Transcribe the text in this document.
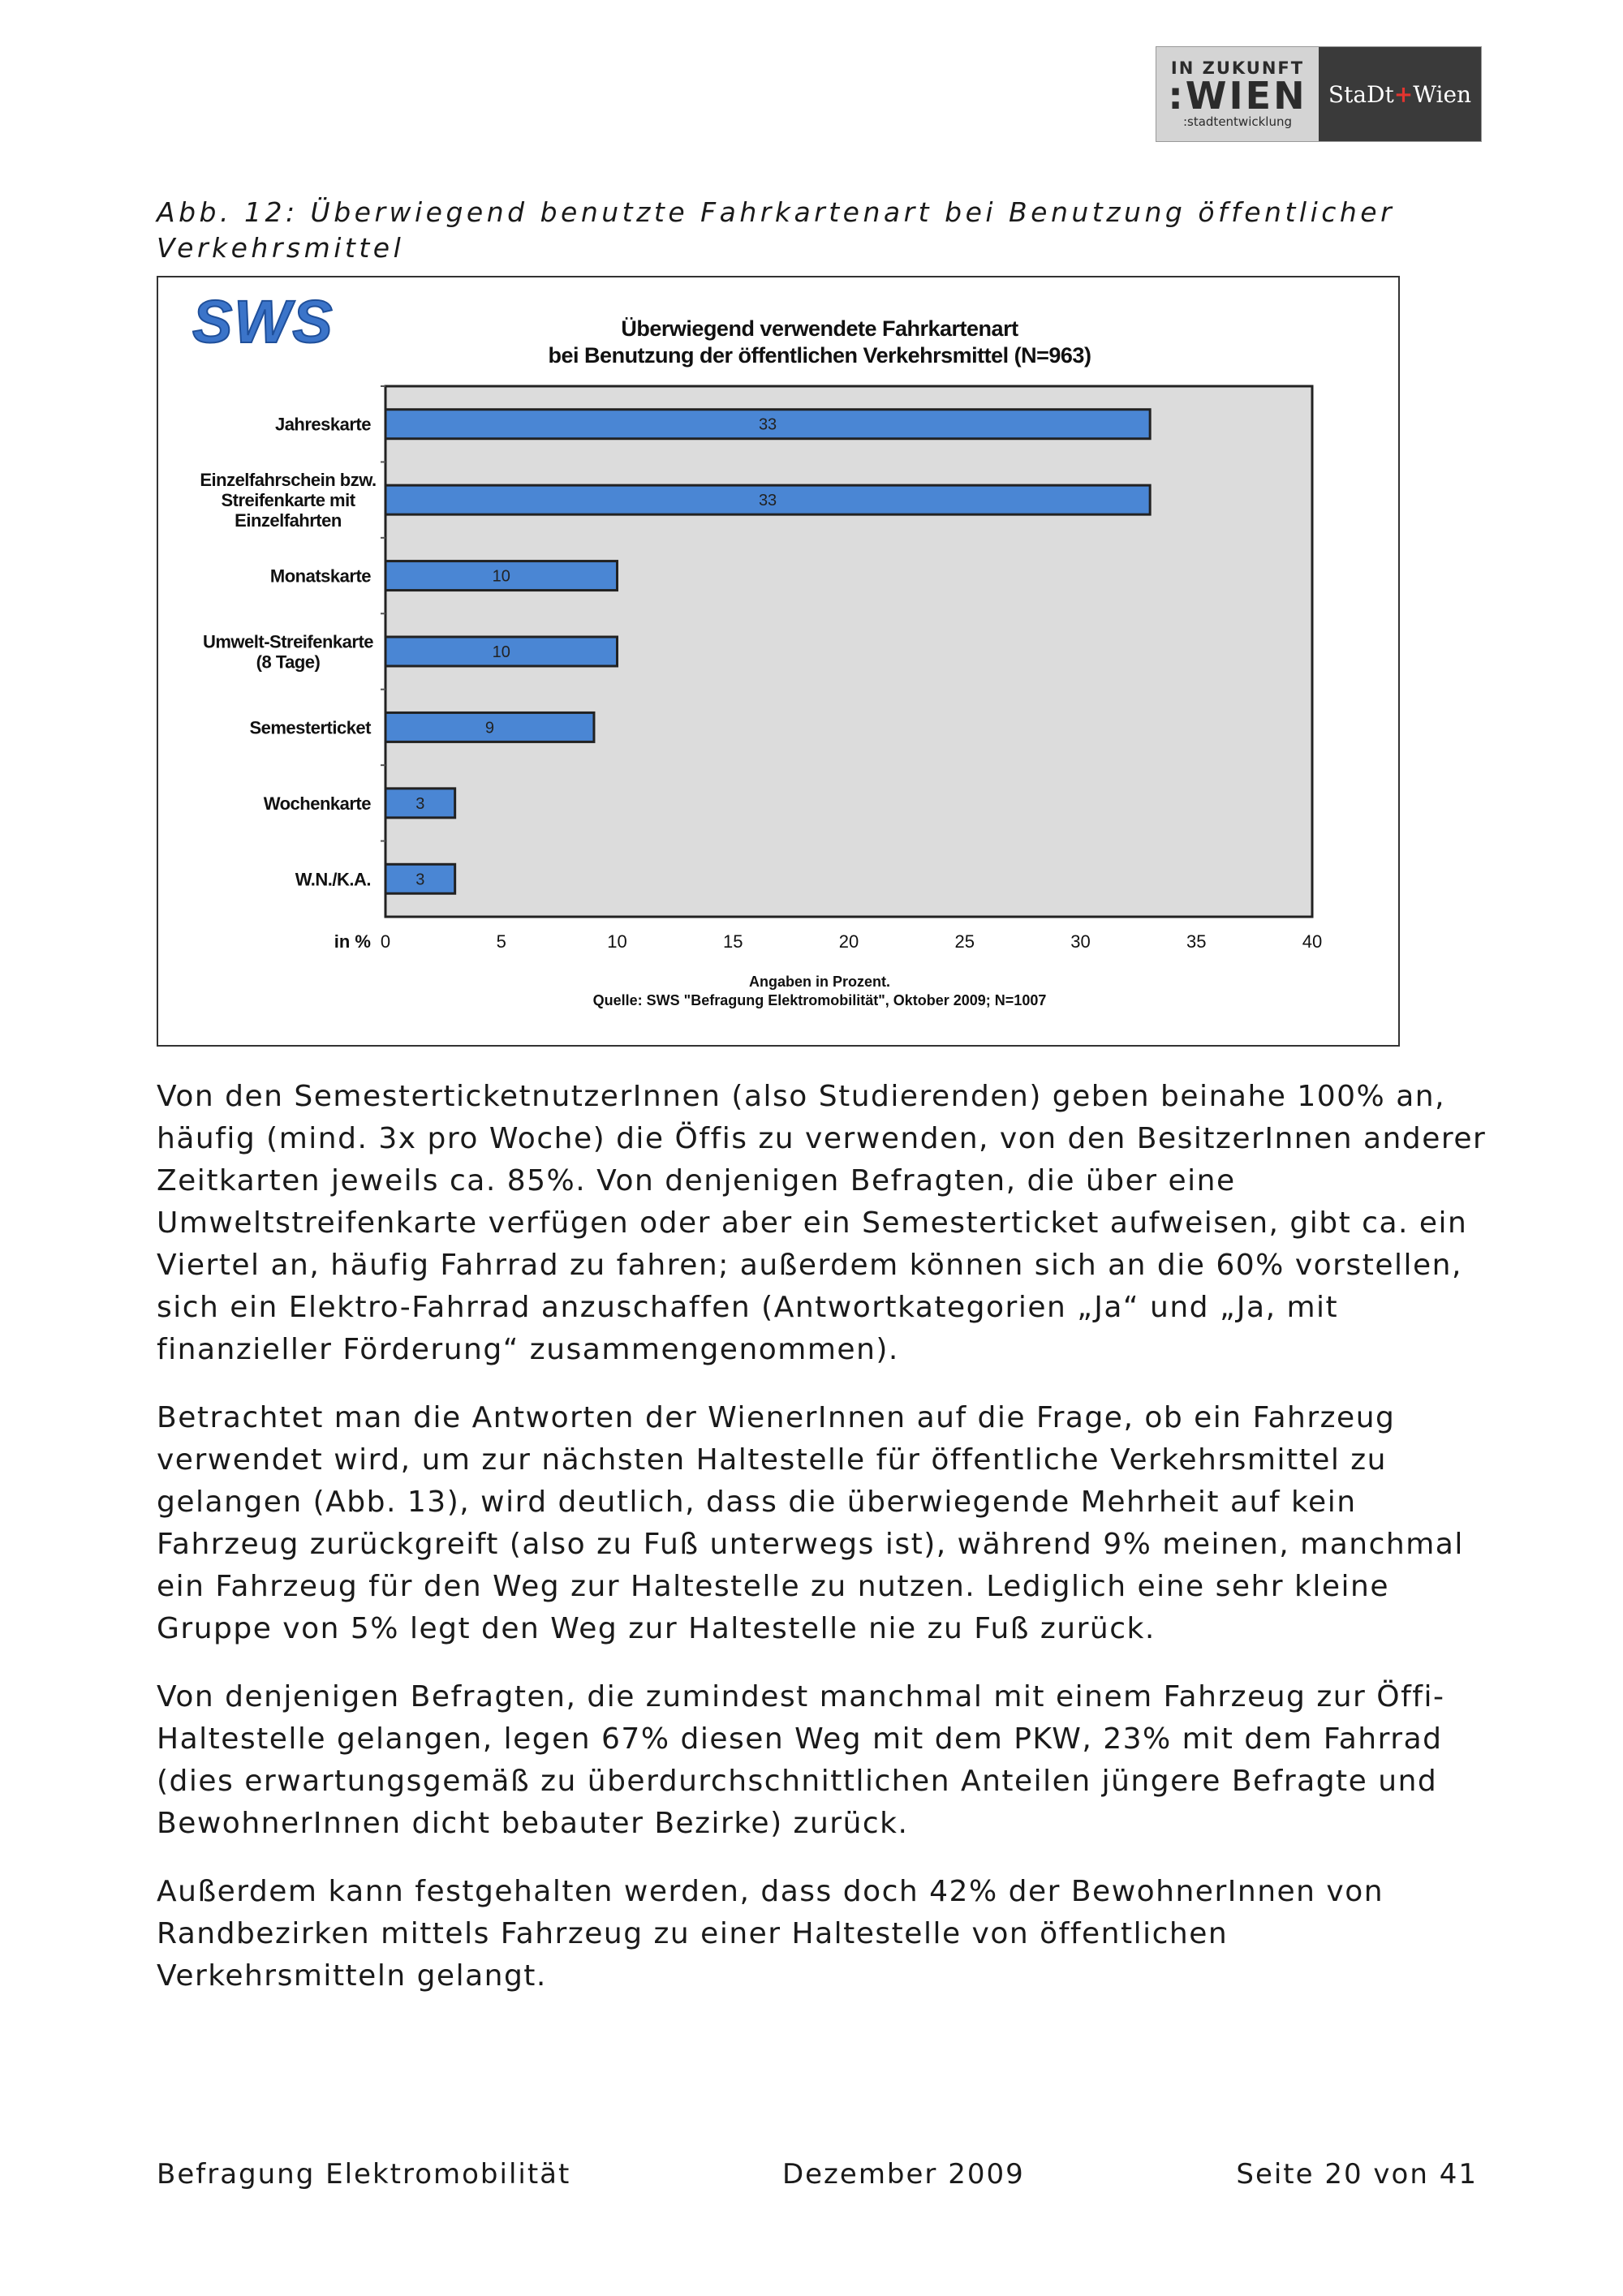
IN ZUKUNFT
:WIEN
:stadtentwicklung
StaDt + Wien
Abb. 12: Überwiegend benutzte Fahrkartenart bei Benutzung öffentlicher Verkehrsmittel
SWS	Überwiegend verwendete Fahrkartenart
bei Benutzung der öffentlichen Verkehrsmittel (N=963)
0	5	10	15	20	25	30	35	40
in %
33
Jahreskarte
33
Einzelfahrschein bzw.
Streifenkarte mit
Einzelfahrten
10
Monatskarte
10
Umwelt-Streifenkarte
(8 Tage)
9
Semesterticket
3
Wochenkarte
3
W.N./K.A.
Angaben in Prozent.
Quelle: SWS "Befragung Elektromobilität", Oktober 2009; N=1007

Von den SemesterticketnutzerInnen (also Studierenden) geben beinahe 100% an, häufig (mind. 3x pro Woche) die Öffis zu verwenden, von den BesitzerInnen anderer Zeitkarten jeweils ca. 85%. Von denjenigen Befragten, die über eine Umweltstreifenkarte verfügen oder aber ein Semesterticket aufweisen, gibt ca. ein Viertel an, häufig Fahrrad zu fahren; außerdem können sich an die 60% vorstellen, sich ein Elektro-Fahrrad anzuschaffen (Antwortkategorien „Ja“ und „Ja, mit finanzieller Förderung“ zusammengenommen).

Betrachtet man die Antworten der WienerInnen auf die Frage, ob ein Fahrzeug verwendet wird, um zur nächsten Haltestelle für öffentliche Verkehrsmittel zu gelangen (Abb. 13), wird deutlich, dass die überwiegende Mehrheit auf kein Fahrzeug zurückgreift (also zu Fuß unterwegs ist), während 9% meinen, manchmal ein Fahrzeug für den Weg zur Haltestelle zu nutzen. Lediglich eine sehr kleine Gruppe von 5% legt den Weg zur Haltestelle nie zu Fuß zurück.

Von denjenigen Befragten, die zumindest manchmal mit einem Fahrzeug zur Öffi-Haltestelle gelangen, legen 67% diesen Weg mit dem PKW, 23% mit dem Fahrrad (dies erwartungsgemäß zu überdurchschnittlichen Anteilen jüngere Befragte und BewohnerInnen dicht bebauter Bezirke) zurück.

Außerdem kann festgehalten werden, dass doch 42% der BewohnerInnen von Randbezirken mittels Fahrzeug zu einer Haltestelle von öffentlichen Verkehrsmitteln gelangt.

Befragung Elektromobilität	Dezember 2009	Seite 20 von 41
